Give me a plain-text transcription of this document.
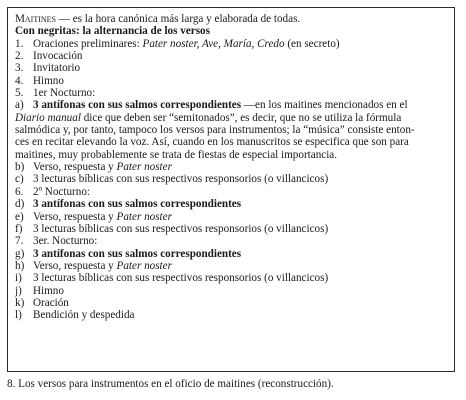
Maitines — es la hora canónica más larga y elaborada de todas.
Con negritas: la alternancia de los versos
1. Oraciones preliminares: Pater noster, Ave, María, Credo (en secreto)
2. Invocación
3. Invitatorio
4. Himno
5. 1er Nocturno:
a) 3 antífonas con sus salmos correspondientes —en los maitines mencionados en el
Diario manual dice que deben ser “semitonados”, es decir, que no se utiliza la fórmula
salmódica y, por tanto, tampoco los versos para instrumentos; la “música” consiste enton-
ces en recitar elevando la voz. Así, cuando en los manuscritos se especifica que son para
maitines, muy probablemente se trata de fiestas de especial importancia.
b) Verso, respuesta y Pater noster
c) 3 lecturas bíblicas con sus respectivos responsorios (o villancicos)
6. 2º Nocturno:
d) 3 antífonas con sus salmos correspondientes
e) Verso, respuesta y Pater noster
f) 3 lecturas bíblicas con sus respectivos responsorios (o villancicos)
7. 3er. Nocturno:
g) 3 antífonas con sus salmos correspondientes
h) Verso, respuesta y Pater noster
i) 3 lecturas bíblicas con sus respectivos responsorios (o villancicos)
j) Himno
k) Oración
l) Bendición y despedida
8. Los versos para instrumentos en el oficio de maitines (reconstrucción).
